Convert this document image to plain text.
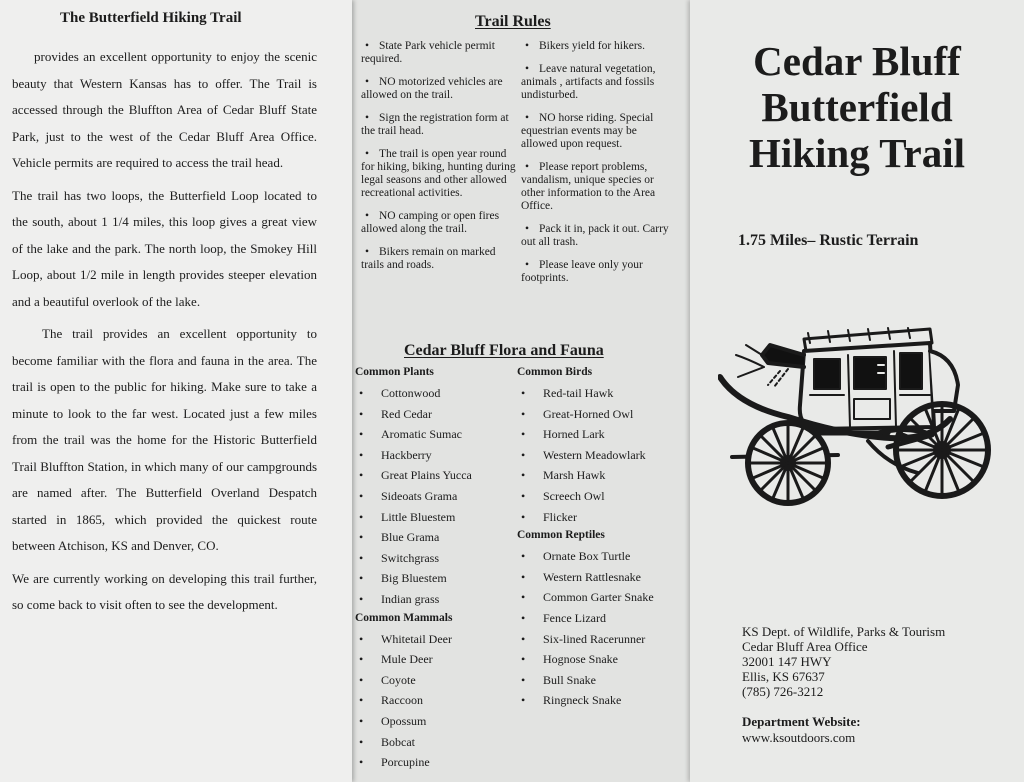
The Butterfield Hiking Trail

provides an excellent opportunity to enjoy the scenic beauty that Western Kansas has to offer. The Trail is accessed through the Bluffton Area of Cedar Bluff State Park, just to the west of the Cedar Bluff Area Office. Vehicle permits are required to access the trail head.

The trail has two loops, the Butterfield Loop located to the south, about 1 1/4 miles, this loop gives a great view of the lake and the park. The north loop, the Smokey Hill Loop, about 1/2 mile in length provides steeper elevation and a beautiful overlook of the lake.

The trail provides an excellent opportunity to become familiar with the flora and fauna in the area. The trail is open to the public for hiking. Make sure to take a minute to look to the far west. Located just a few miles from the trail was the home for the Historic Butterfield Trail Bluffton Station, in which many of our campgrounds are named after. The Butterfield Overland Despatch started in 1865, which provided the quickest route between Atchison, KS and Denver, CO.

We are currently working on developing this trail further, so come back to visit often to see the development.

Trail Rules
• State Park vehicle permit required.
• NO motorized vehicles are allowed on the trail.
• Sign the registration form at the trail head.
• The trail is open year round for hiking, biking, hunting during legal seasons and other allowed recreational activities.
• NO camping or open fires allowed along the trail.
• Bikers remain on marked trails and roads.
• Bikers yield for hikers.
• Leave natural vegetation, animals , artifacts and fossils undisturbed.
• NO horse riding. Special equestrian events may be allowed upon request.
• Please report problems, vandalism, unique species or other information to the Area Office.
• Pack it in, pack it out. Carry out all trash.
• Please leave only your footprints.
Cedar Bluff Flora and Fauna
Common Plants
• Cottonwood
• Red Cedar
• Aromatic Sumac
• Hackberry
• Great Plains Yucca
• Sideoats Grama
• Little Bluestem
• Blue Grama
• Switchgrass
• Big Bluestem
• Indian grass
Common Mammals
• Whitetail Deer
• Mule Deer
• Coyote
• Raccoon
• Opossum
• Bobcat
• Porcupine
Common Birds
• Red-tail Hawk
• Great-Horned Owl
• Horned Lark
• Western Meadowlark
• Marsh Hawk
• Screech Owl
• Flicker
Common Reptiles
• Ornate Box Turtle
• Western Rattlesnake
• Common Garter Snake
• Fence Lizard
• Six-lined Racerunner
• Hognose Snake
• Bull Snake
• Ringneck Snake
Cedar Bluff
Butterfield
Hiking Trail
1.75 Miles– Rustic Terrain
KS Dept. of Wildlife, Parks & Tourism
Cedar Bluff Area Office
32001 147 HWY
Ellis, KS 67637
(785) 726-3212
Department Website:
www.ksoutdoors.com
